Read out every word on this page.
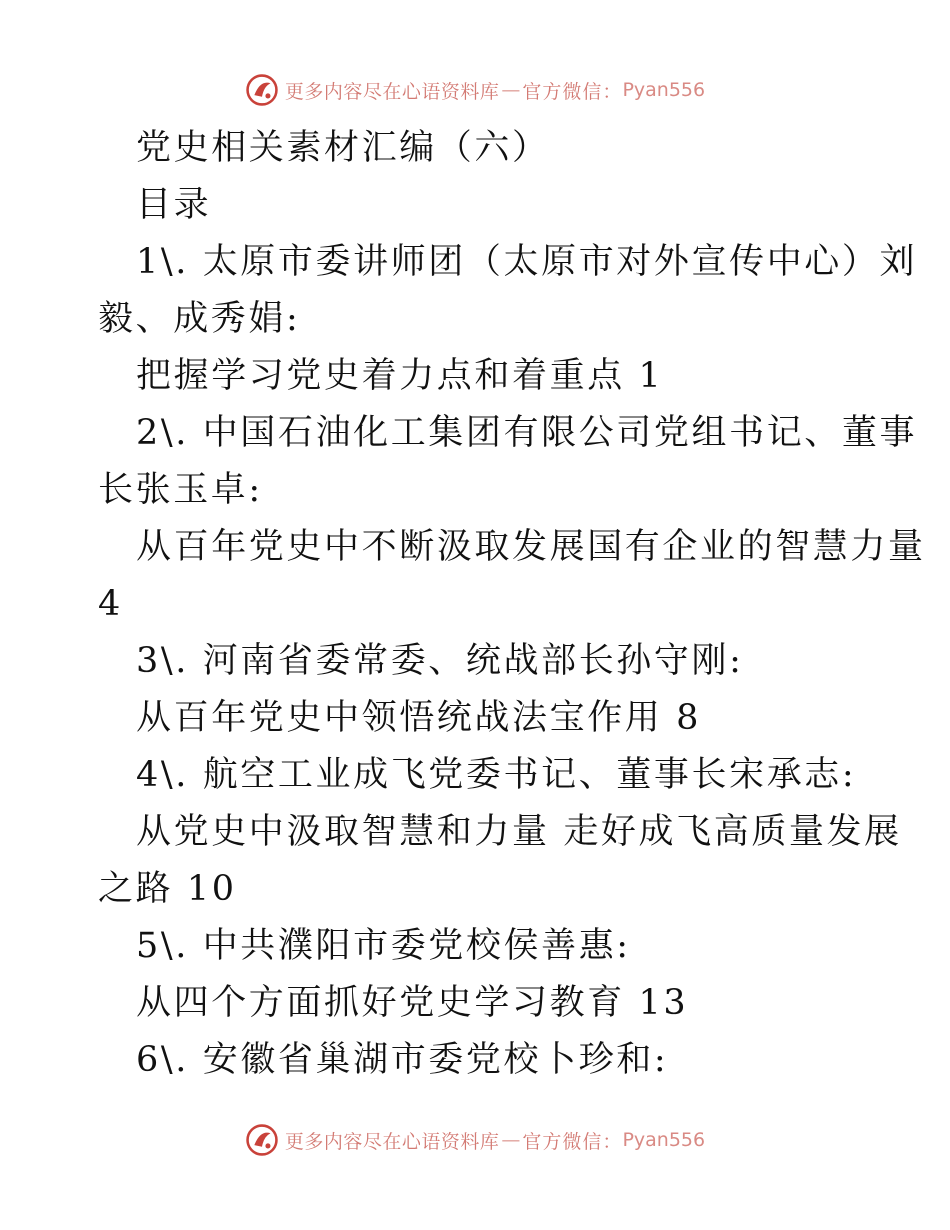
更多内容尽在心语资料库 — 官方微信： Pyan556
党史相关素材汇编（六）
目录
1\. 太原市委讲师团（太原市对外宣传中心）刘
毅、成秀娟:
把握学习党史着力点和着重点 1
2\. 中国石油化工集团有限公司党组书记、董事
长张玉卓:
从百年党史中不断汲取发展国有企业的智慧力量
4
3\. 河南省委常委、统战部长孙守刚:
从百年党史中领悟统战法宝作用 8
4\. 航空工业成飞党委书记、董事长宋承志:
从党史中汲取智慧和力量 走好成飞高质量发展
之路 10
5\. 中共濮阳市委党校侯善惠:
从四个方面抓好党史学习教育 13
6\. 安徽省巢湖市委党校卜珍和:
更多内容尽在心语资料库 — 官方微信： Pyan556
